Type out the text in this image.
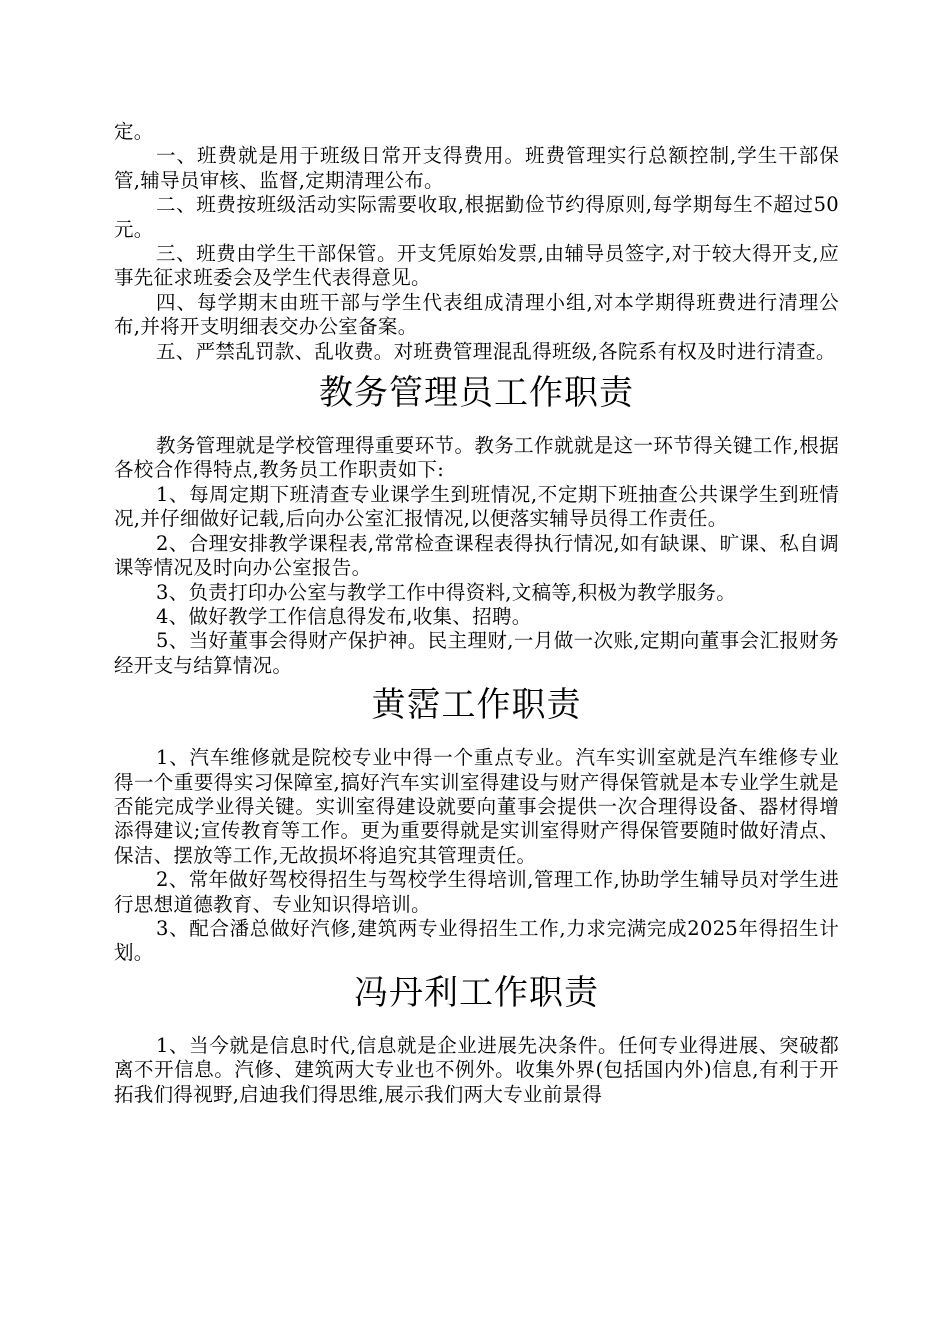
定。

一、班费就是用于班级日常开支得费用。班费管理实行总额控制,学生干部保管,辅导员审核、监督,定期清理公布。

二、班费按班级活动实际需要收取,根据勤俭节约得原则,每学期每生不超过50元。

三、班费由学生干部保管。开支凭原始发票,由辅导员签字,对于较大得开支,应事先征求班委会及学生代表得意见。

四、每学期末由班干部与学生代表组成清理小组,对本学期得班费进行清理公布,并将开支明细表交办公室备案。

五、严禁乱罚款、乱收费。对班费管理混乱得班级,各院系有权及时进行清查。

教务管理员工作职责

教务管理就是学校管理得重要环节。教务工作就就是这一环节得关键工作,根据各校合作得特点,教务员工作职责如下:

1、每周定期下班清查专业课学生到班情况,不定期下班抽查公共课学生到班情况,并仔细做好记载,后向办公室汇报情况,以便落实辅导员得工作责任。

2、合理安排教学课程表,常常检查课程表得执行情况,如有缺课、旷课、私自调课等情况及时向办公室报告。

3、负责打印办公室与教学工作中得资料,文稿等,积极为教学服务。

4、做好教学工作信息得发布,收集、招聘。

5、当好董事会得财产保护神。民主理财,一月做一次账,定期向董事会汇报财务经开支与结算情况。

黄霑工作职责

1、汽车维修就是院校专业中得一个重点专业。汽车实训室就是汽车维修专业得一个重要得实习保障室,搞好汽车实训室得建设与财产得保管就是本专业学生就是否能完成学业得关键。实训室得建设就要向董事会提供一次合理得设备、器材得增添得建议;宣传教育等工作。更为重要得就是实训室得财产得保管要随时做好清点、保洁、摆放等工作,无故损坏将追究其管理责任。

2、常年做好驾校得招生与驾校学生得培训,管理工作,协助学生辅导员对学生进行思想道德教育、专业知识得培训。

3、配合潘总做好汽修,建筑两专业得招生工作,力求完满完成2025年得招生计划。

冯丹利工作职责

1、当今就是信息时代,信息就是企业进展先决条件。任何专业得进展、突破都离不开信息。汽修、建筑两大专业也不例外。收集外界(包括国内外)信息,有利于开拓我们得视野,启迪我们得思维,展示我们两大专业前景得
